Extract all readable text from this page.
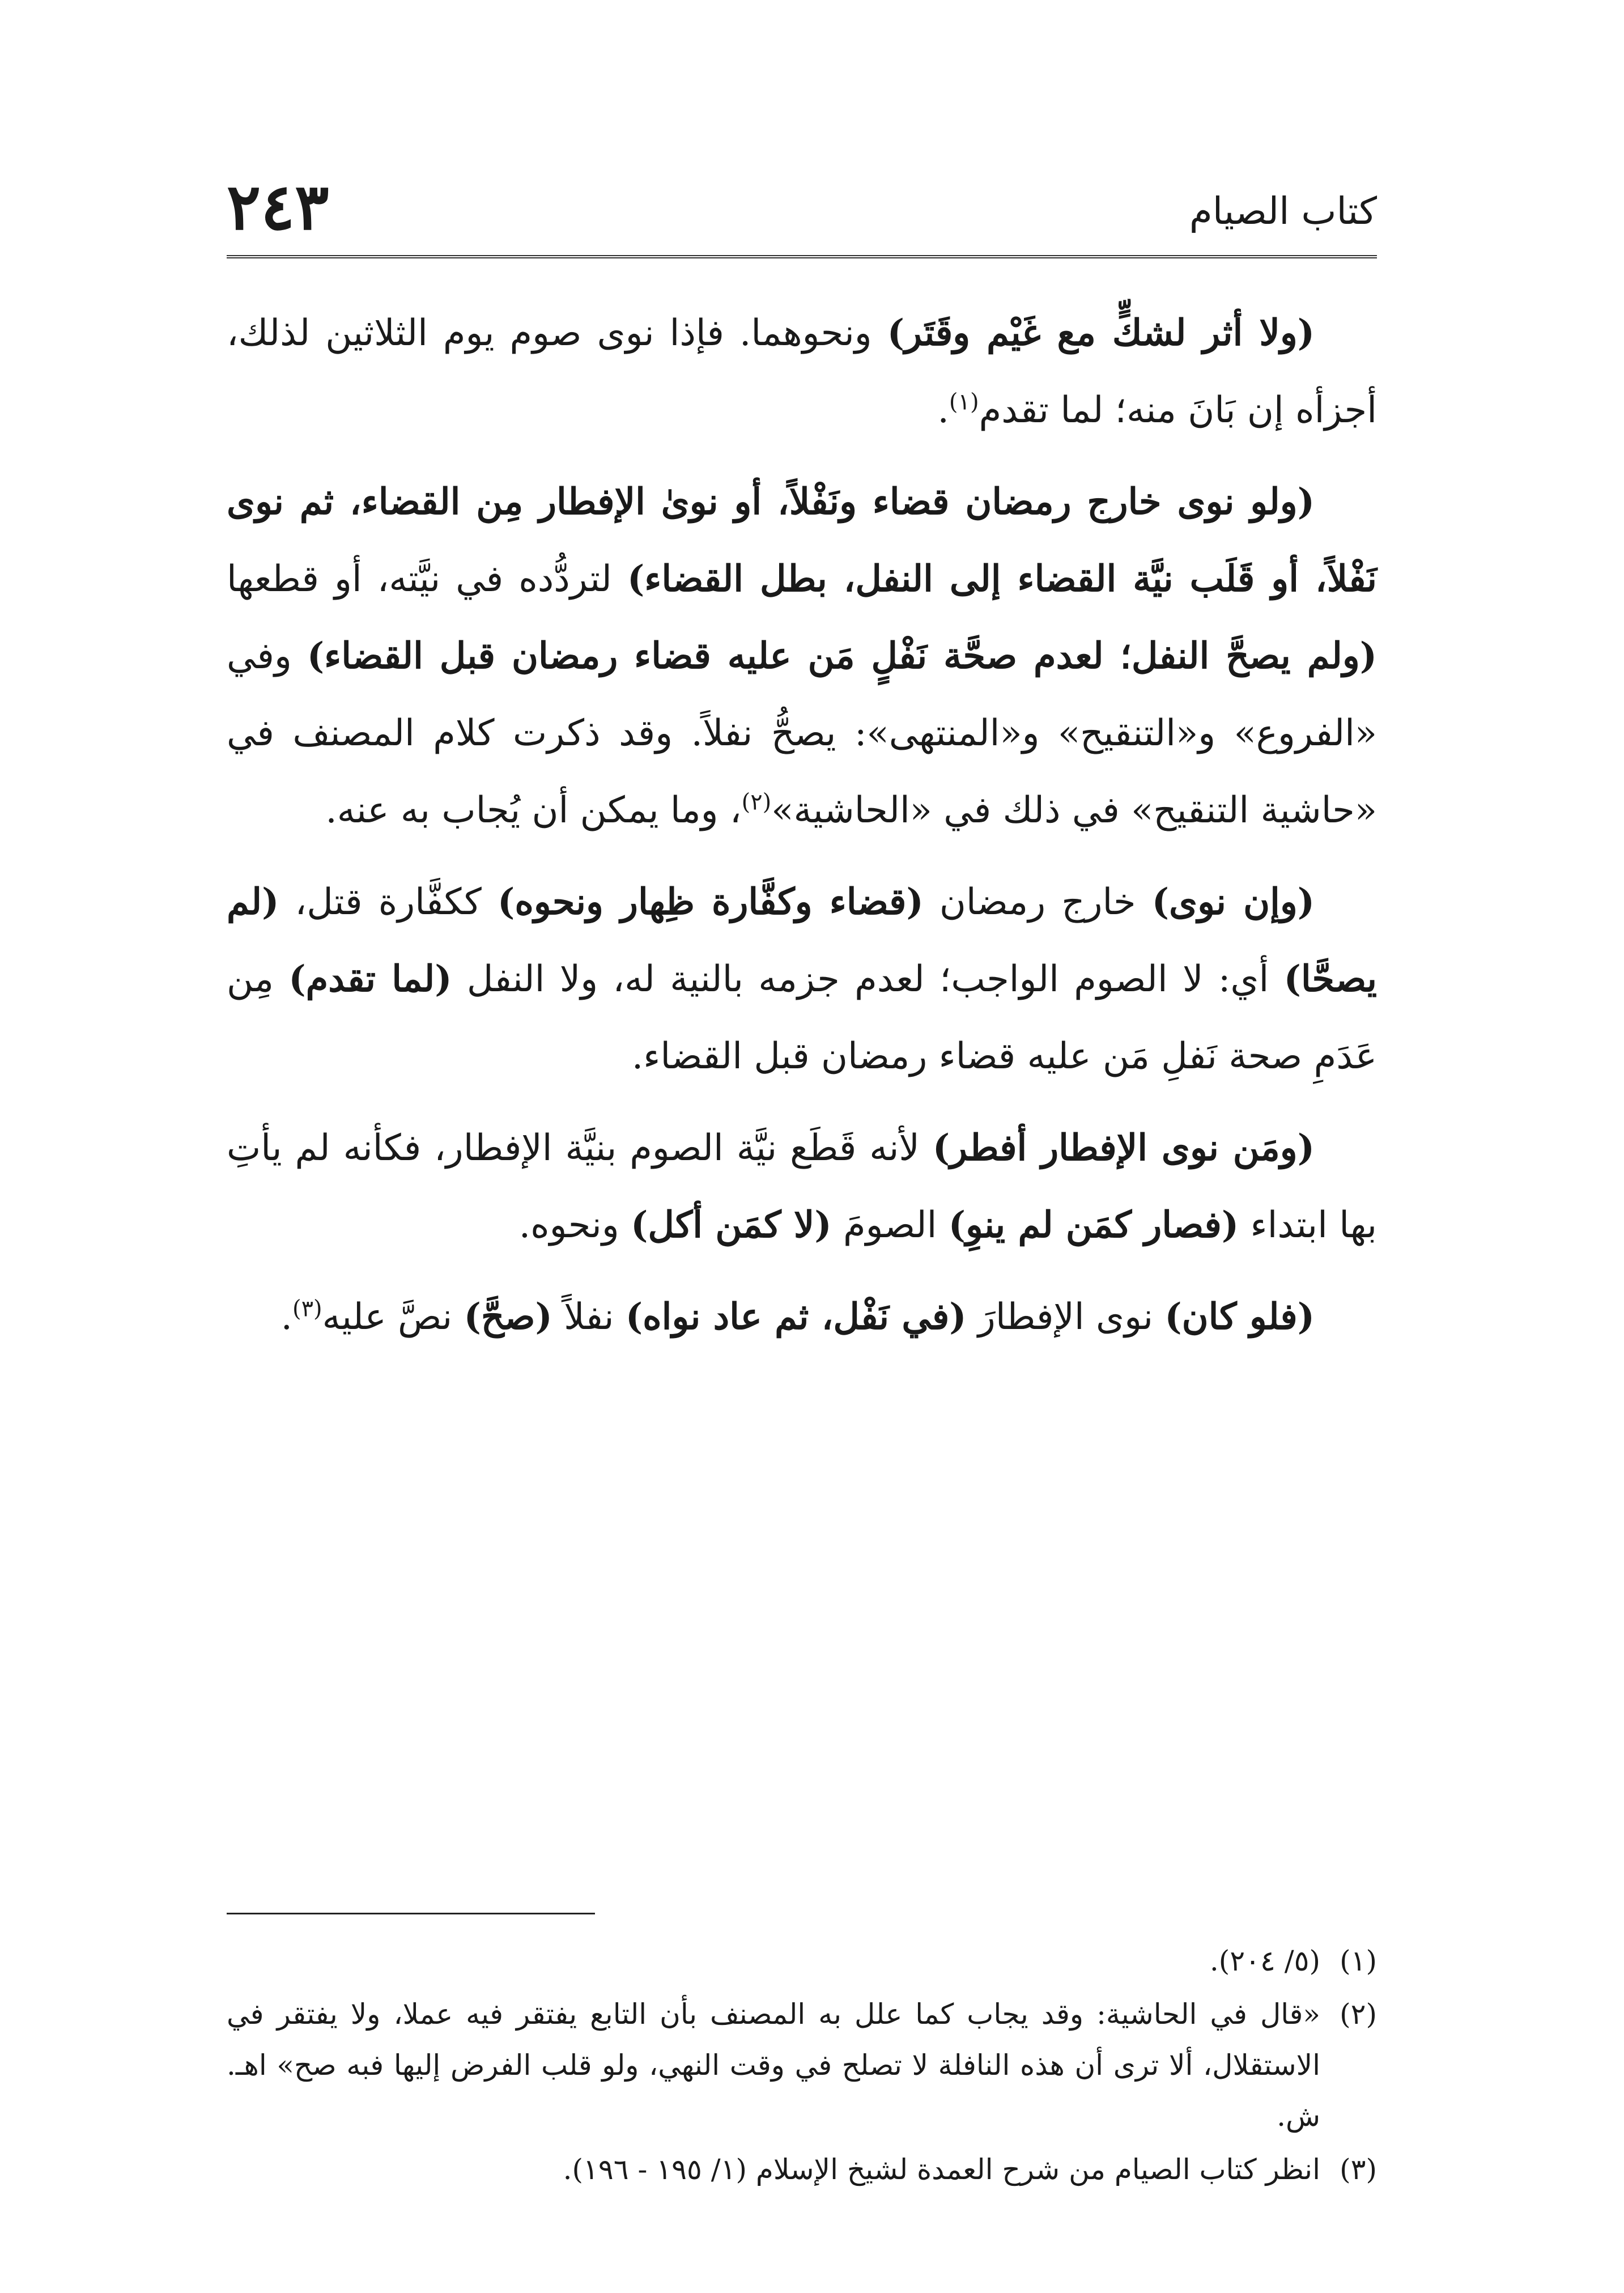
٢٤٣	كتاب الصيام

(ولا أثر لشكٍّ مع غَيْم وقَتَر) ونحوهما. فإذا نوى صوم يوم الثلاثين لذلك، أجزأه إن بَانَ منه؛ لما تقدم$^{(١)}$.

(ولو نوى خارج رمضان قضاء ونَفْلاً، أو نوىٰ الإفطار مِن القضاء، ثم نوى نَفْلاً، أو قَلَب نيَّة القضاء إلى النفل، بطل القضاء) لتردُّده في نيَّته، أو قطعها (ولم يصحَّ النفل؛ لعدم صحَّة نَفْلٍ مَن عليه قضاء رمضان قبل القضاء) وفي «الفروع» و«التنقيح» و«المنتهى»: يصحُّ نفلاً. وقد ذكرت كلام المصنف في «حاشية التنقيح» في ذلك في «الحاشية»$^{(٢)}$، وما يمكن أن يُجاب به عنه.

(وإن نوى) خارج رمضان (قضاء وكفَّارة ظِهار ونحوه) ككفَّارة قتل، (لم يصحَّا) أي: لا الصوم الواجب؛ لعدم جزمه بالنية له، ولا النفل (لما تقدم) مِن عَدَمِ صحة نَفلِ مَن عليه قضاء رمضان قبل القضاء.

(ومَن نوى الإفطار أفطر) لأنه قَطَع نيَّة الصوم بنيَّة الإفطار، فكأنه لم يأتِ بها ابتداء (فصار كمَن لم ينوِ) الصومَ (لا كمَن أكل) ونحوه.

(فلو كان) نوى الإفطارَ (في نَفْل، ثم عاد نواه) نفلاً (صحَّ) نصَّ عليه$^{(٣)}$.

(١)
(٥/ ٢٠٤).
(٢)
«قال في الحاشية: وقد يجاب كما علل به المصنف بأن التابع يفتقر فيه عملا، ولا يفتقر في الاستقلال، ألا ترى أن هذه النافلة لا تصلح في وقت النهي، ولو قلب الفرض إليها فبه صح» اهـ. ش.
(٣)
انظر كتاب الصيام من شرح العمدة لشيخ الإسلام (١/ ١٩٥ - ١٩٦).
